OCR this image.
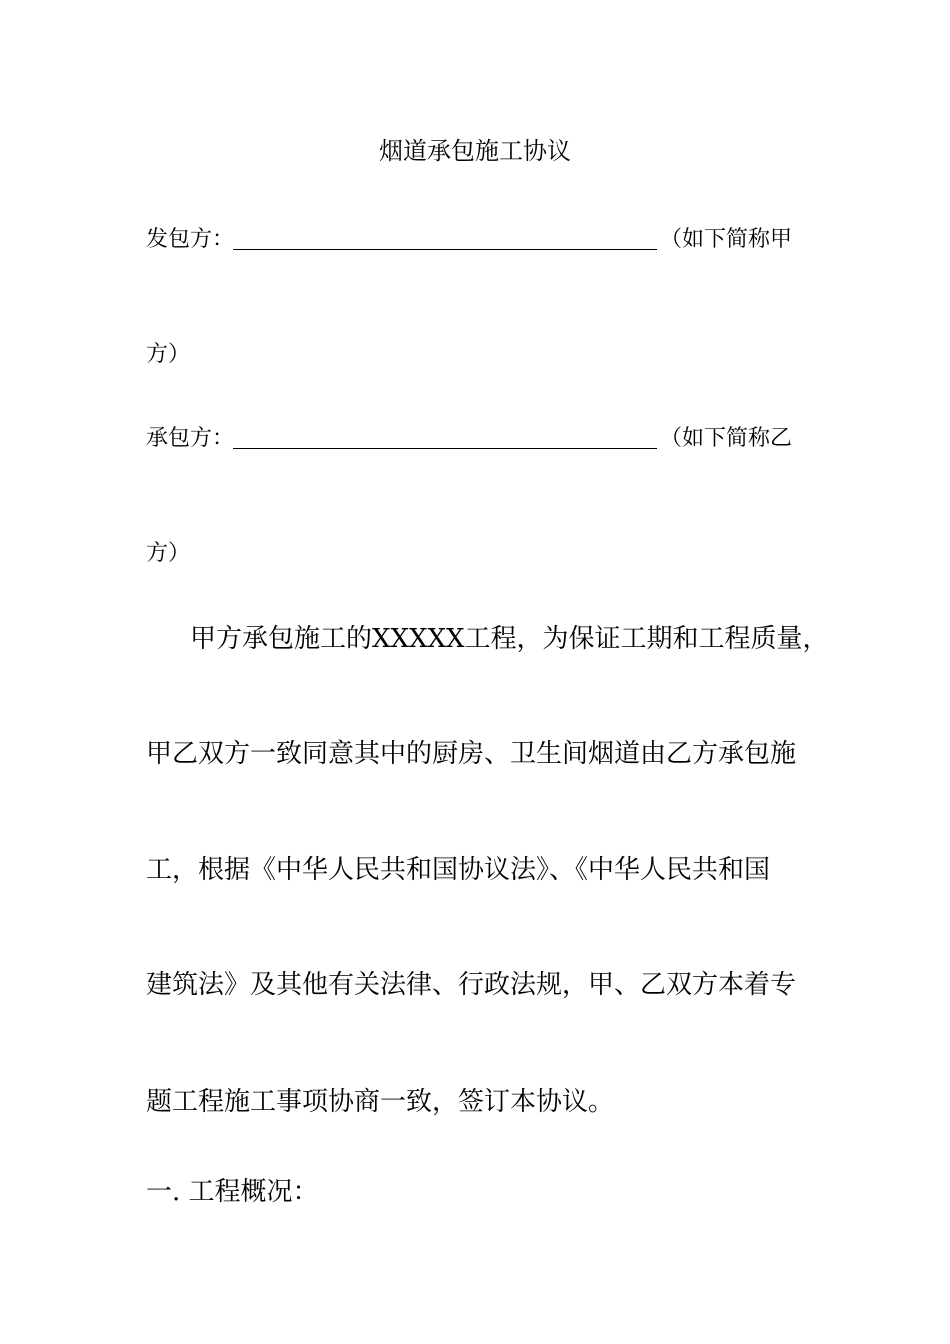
烟道承包施工协议
发包方：	（如下简称甲
方）
承包方：	（如下简称乙
方）
甲方承包施工的XXXXX工程，为保证工期和工程质量，
甲乙双方一致同意其中的厨房、卫生间烟道由乙方承包施
工，根据《中华人民共和国协议法》、《中华人民共和国
建筑法》及其他有关法律、行政法规，甲、乙双方本着专
题工程施工事项协商一致，签订本协议。
一. 工程概况：
